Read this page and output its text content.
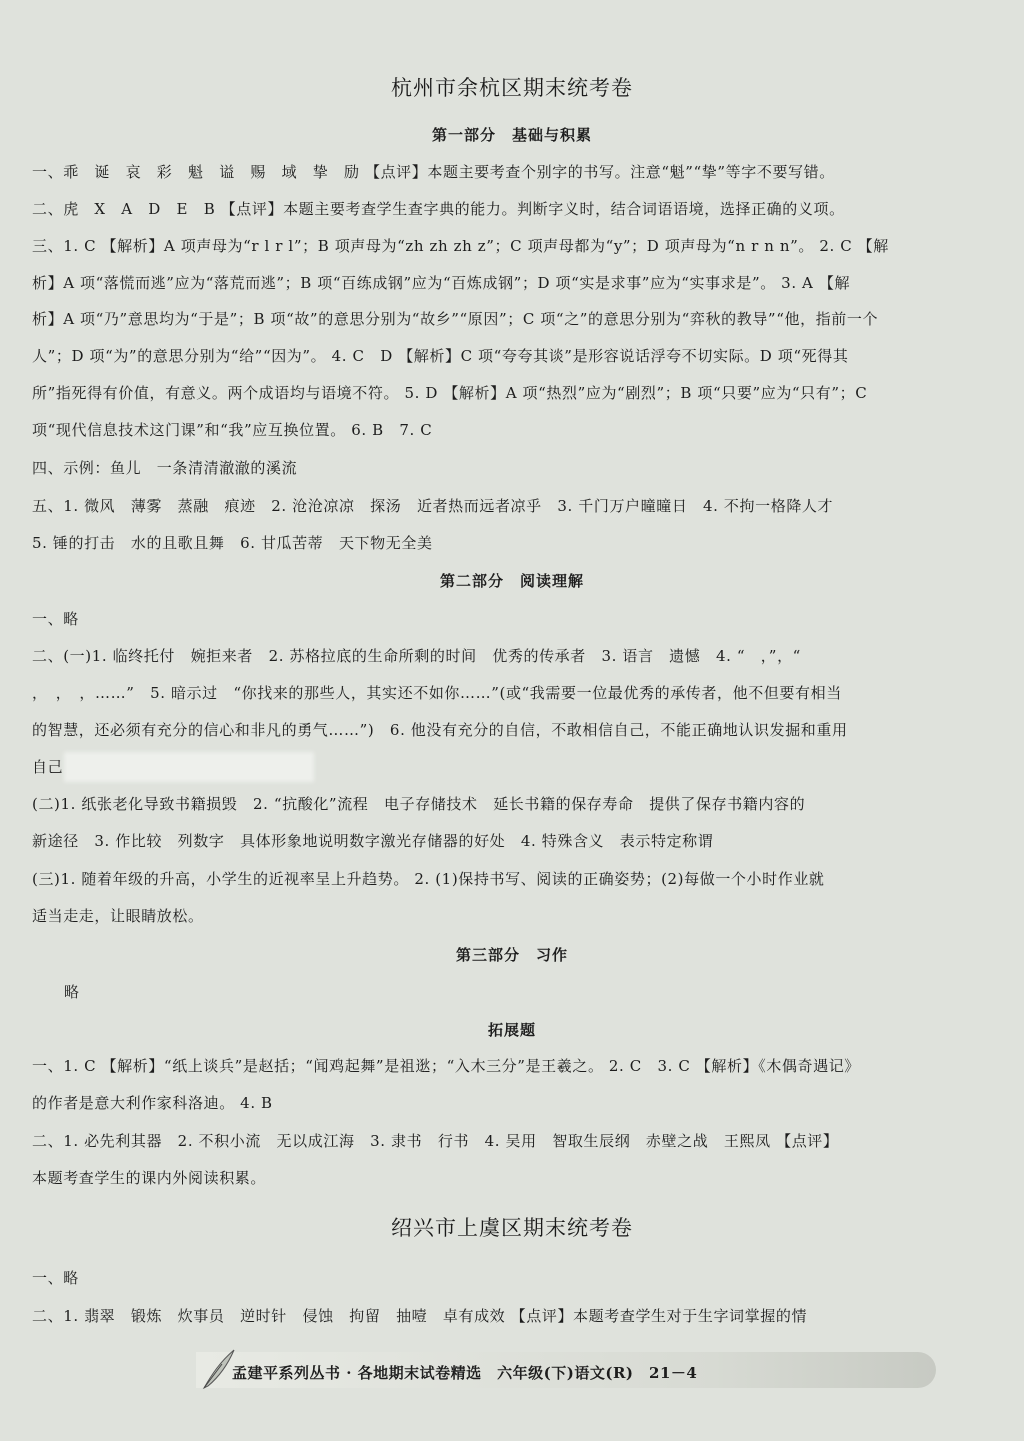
杭州市余杭区期末统考卷
第一部分　基础与积累
一、乖　诞　哀　彩　魁　谥　赐　域　挚　励 【点评】本题主要考查个别字的书写。注意“魁”“挚”等字不要写错。
二、虎　X　A　D　E　B 【点评】本题主要考查学生查字典的能力。判断字义时，结合词语语境，选择正确的义项。
三、1. C 【解析】A 项声母为“r l r l”；B 项声母为“zh zh zh z”；C 项声母都为“y”；D 项声母为“n r n n”。 2. C 【解
析】A 项“落慌而逃”应为“落荒而逃”；B 项“百练成钢”应为“百炼成钢”；D 项“实是求事”应为“实事求是”。 3. A 【解
析】A 项“乃”意思均为“于是”；B 项“故”的意思分别为“故乡”“原因”；C 项“之”的意思分别为“弈秋的教导”“他，指前一个
人”；D 项“为”的意思分别为“给”“因为”。 4. C　D 【解析】C 项“夸夸其谈”是形容说话浮夸不切实际。D 项“死得其
所”指死得有价值，有意义。两个成语均与语境不符。 5. D 【解析】A 项“热烈”应为“剧烈”；B 项“只要”应为“只有”；C
项“现代信息技术这门课”和“我”应互换位置。 6. B　7. C
四、示例：鱼儿　一条清清澈澈的溪流
五、1. 微风　薄雾　蒸融　痕迹　2. 沧沧凉凉　探汤　近者热而远者凉乎　3. 千门万户曈曈日　4. 不拘一格降人才
5. 锤的打击　水的且歌且舞　6. 甘瓜苦蒂　天下物无全美
第二部分　阅读理解
一、略
二、(一)1. 临终托付　婉拒来者　2. 苏格拉底的生命所剩的时间　优秀的传承者　3. 语言　遗憾　4. “　，”，“
，　，　，……”　5. 暗示过　“你找来的那些人，其实还不如你……”(或“我需要一位最优秀的承传者，他不但要有相当
的智慧，还必须有充分的信心和非凡的勇气……”)　6. 他没有充分的自信，不敢相信自己，不能正确地认识发掘和重用
自己
(二)1. 纸张老化导致书籍损毁　2. “抗酸化”流程　电子存储技术　延长书籍的保存寿命　提供了保存书籍内容的
新途径　3. 作比较　列数字　具体形象地说明数字激光存储器的好处　4. 特殊含义　表示特定称谓
(三)1. 随着年级的升高，小学生的近视率呈上升趋势。 2. (1)保持书写、阅读的正确姿势；(2)每做一个小时作业就
适当走走，让眼睛放松。
第三部分　习作
略
拓展题
一、1. C 【解析】“纸上谈兵”是赵括；“闻鸡起舞”是祖逖；“入木三分”是王羲之。 2. C　3. C 【解析】《木偶奇遇记》
的作者是意大利作家科洛迪。 4. B
二、1. 必先利其器　2. 不积小流　无以成江海　3. 隶书　行书　4. 吴用　智取生辰纲　赤壁之战　王熙凤 【点评】
本题考查学生的课内外阅读积累。
绍兴市上虞区期末统考卷
一、略
二、1. 翡翠　锻炼　炊事员　逆时针　侵蚀　拘留　抽噎　卓有成效 【点评】本题考查学生对于生字词掌握的情
孟建平系列丛书 · 各地期末试卷精选　六年级(下)语文(R)　21－4
